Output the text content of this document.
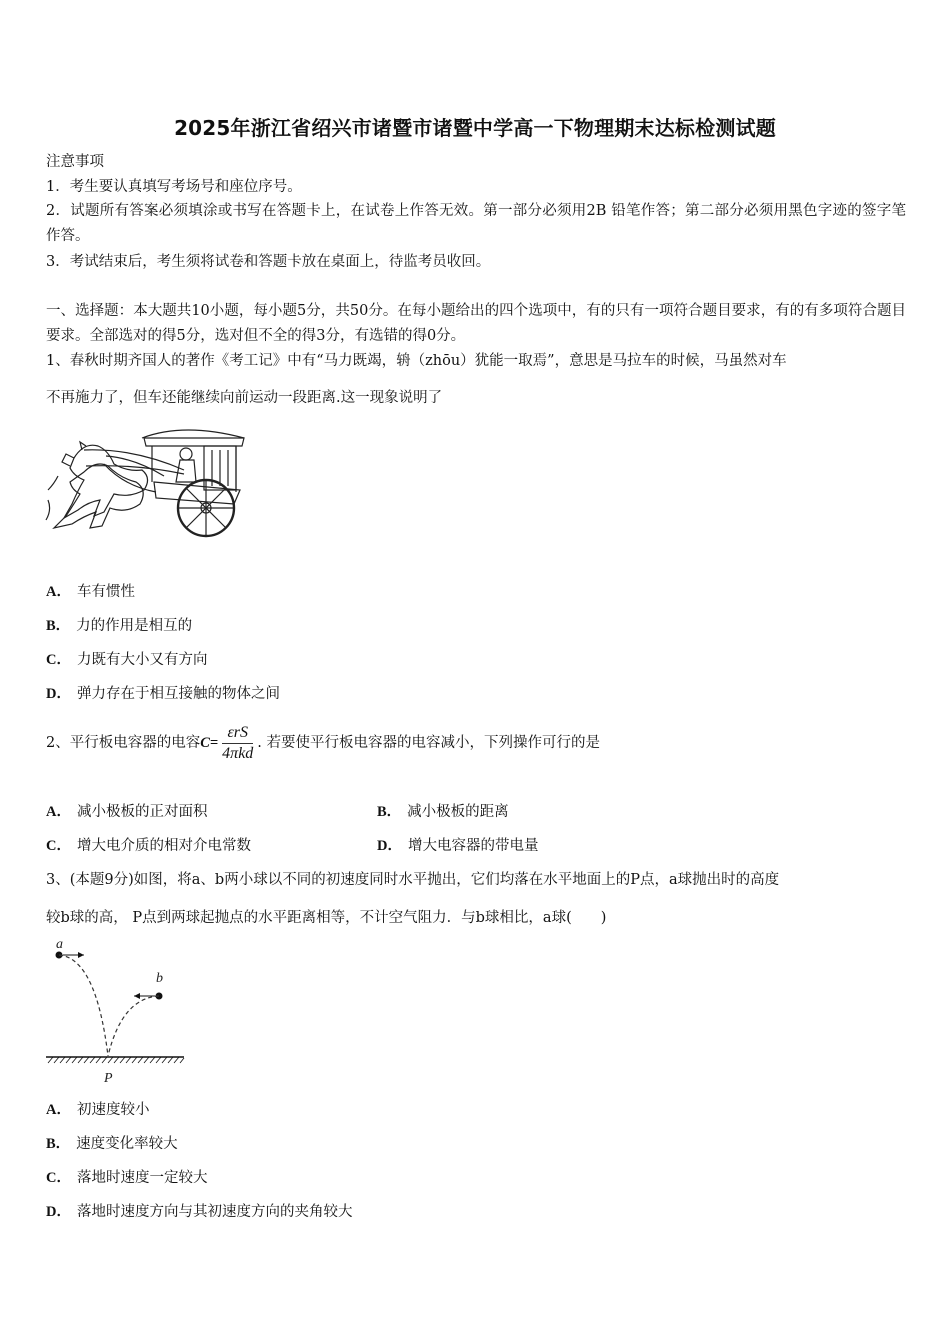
2025年浙江省绍兴市诸暨市诸暨中学高一下物理期末达标检测试题
注意事项
1．考生要认真填写考场号和座位序号。
2．试题所有答案必须填涂或书写在答题卡上，在试卷上作答无效。第一部分必须用2B 铅笔作答；第二部分必须用黑色字迹的签字笔作答。
3．考试结束后，考生须将试卷和答题卡放在桌面上，待监考员收回。
一、选择题：本大题共10小题，每小题5分，共50分。在每小题给出的四个选项中，有的只有一项符合题目要求，有的有多项符合题目要求。全部选对的得5分，选对但不全的得3分，有选错的得0分。
1、春秋时期齐国人的著作《考工记》中有“马力既竭，辀（zhōu）犹能一取焉”，意思是马拉车的时候，马虽然对车
不再施力了，但车还能继续向前运动一段距离.这一现象说明了
A． 车有惯性
B． 力的作用是相互的
C． 力既有大小又有方向
D． 弹力存在于相互接触的物体之间
2、平行板电容器的电容$C= \frac{\text{εrS}}{\text{4πkd}}$ . 若要使平行板电容器的电容减小，下列操作可行的是
A． 减小极板的正对面积	B． 减小极板的距离
C． 增大电介质的相对介电常数	D． 增大电容器的带电量
3、(本题9分)如图，将a、b两小球以不同的初速度同时水平抛出，它们均落在水平地面上的P点，a球抛出时的高度
较b球的高， P点到两球起抛点的水平距离相等，不计空气阻力．与b球相比，a球(　　)
a
b
P
A． 初速度较小
B． 速度变化率较大
C． 落地时速度一定较大
D． 落地时速度方向与其初速度方向的夹角较大
